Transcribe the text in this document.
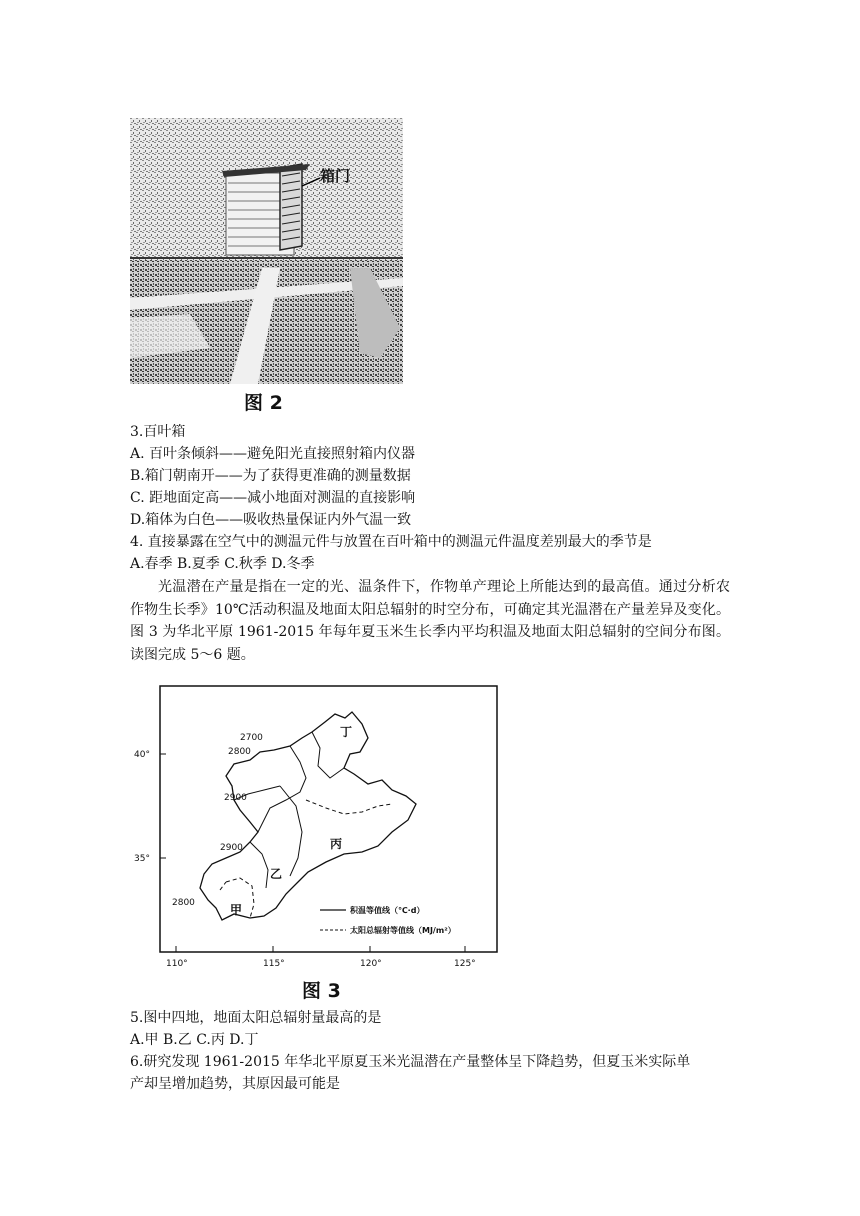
箱门
图 2
3.百叶箱
A. 百叶条倾斜——避免阳光直接照射箱内仪器
B.箱门朝南开——为了获得更准确的测量数据
C. 距地面定高——减小地面对测温的直接影响
D.箱体为白色——吸收热量保证内外气温一致
4. 直接暴露在空气中的测温元件与放置在百叶箱中的测温元件温度差别最大的季节是
A.春季 B.夏季 C.秋季 D.冬季
光温潜在产量是指在一定的光、温条件下，作物单产理论上所能达到的最高值。通过分析农作物生长季》10℃活动积温及地面太阳总辐射的时空分布，可确定其光温潜在产量差异及变化。图 3 为华北平原 1961-2015 年每年夏玉米生长季内平均积温及地面太阳总辐射的空间分布图。读图完成 5～6 题。
40°
35°
110°	115°	120°	125°
2700
2800
2900
2900
2800
丁
丙
乙
甲	积温等值线（℃·d）
太阳总辐射等值线（MJ/m²）
图 3
5.图中四地，地面太阳总辐射量最高的是
A.甲 B.乙 C.丙 D.丁
6.研究发现 1961-2015 年华北平原夏玉米光温潜在产量整体呈下降趋势，但夏玉米实际单
产却呈增加趋势，其原因最可能是
